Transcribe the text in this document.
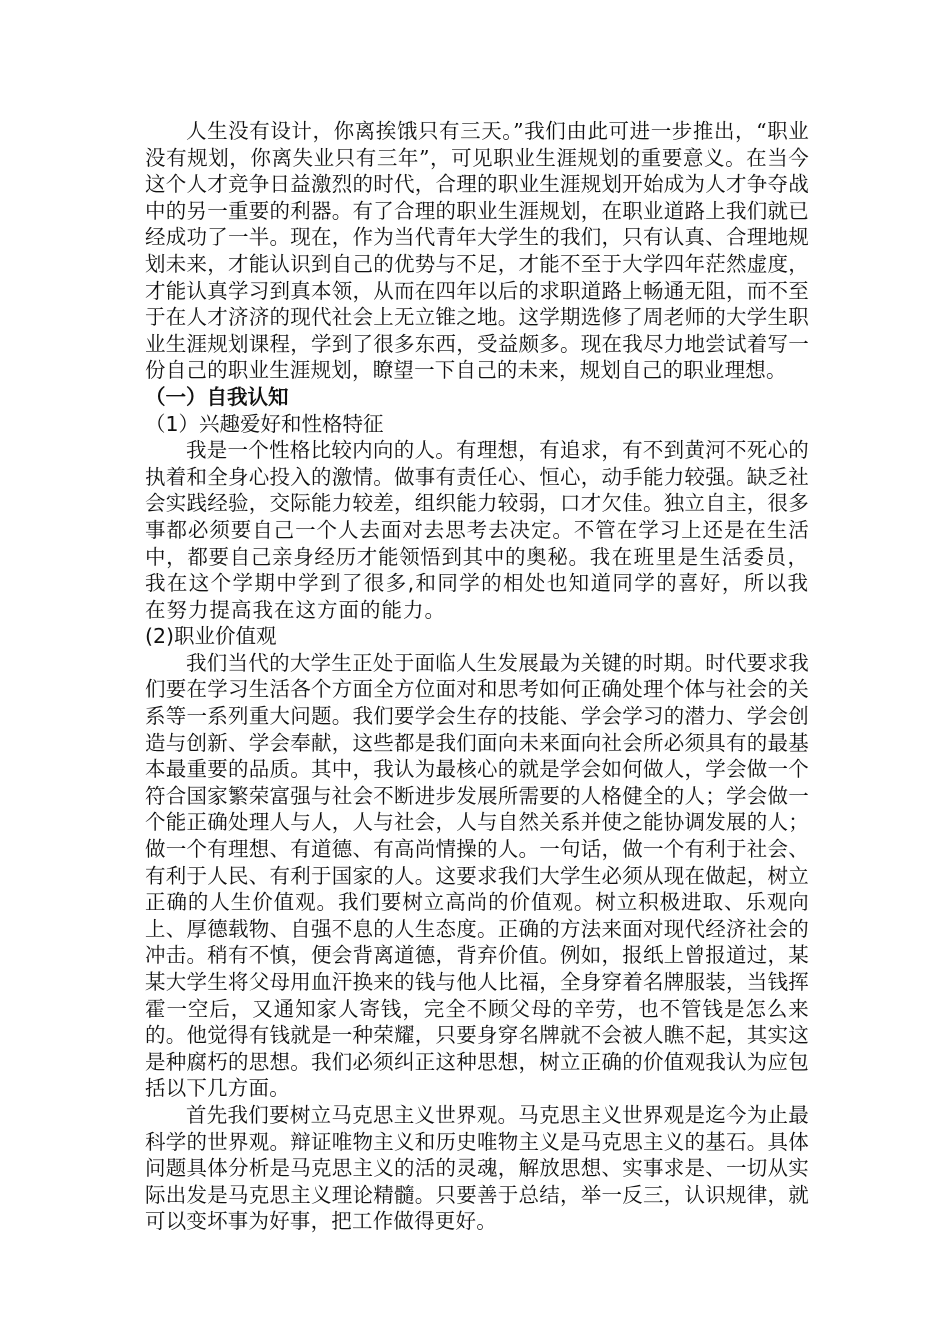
人生没有设计，你离挨饿只有三天。”我们由此可进一步推出，“职业没有规划，你离失业只有三年”，可见职业生涯规划的重要意义。在当今这个人才竞争日益激烈的时代，合理的职业生涯规划开始成为人才争夺战中的另一重要的利器。有了合理的职业生涯规划，在职业道路上我们就已经成功了一半。现在，作为当代青年大学生的我们，只有认真、合理地规划未来，才能认识到自己的优势与不足，才能不至于大学四年茫然虚度，才能认真学习到真本领，从而在四年以后的求职道路上畅通无阻，而不至于在人才济济的现代社会上无立锥之地。这学期选修了周老师的大学生职业生涯规划课程，学到了很多东西，受益颇多。现在我尽力地尝试着写一份自己的职业生涯规划，瞭望一下自己的未来，规划自己的职业理想。

（一）自我认知

（1）兴趣爱好和性格特征

我是一个性格比较内向的人。有理想，有追求，有不到黄河不死心的执着和全身心投入的激情。做事有责任心、恒心，动手能力较强。缺乏社会实践经验，交际能力较差，组织能力较弱，口才欠佳。独立自主，很多事都必须要自己一个人去面对去思考去决定。不管在学习上还是在生活中，都要自己亲身经历才能领悟到其中的奥秘。我在班里是生活委员，我在这个学期中学到了很多,和同学的相处也知道同学的喜好，所以我在努力提高我在这方面的能力。

(2)职业价值观

我们当代的大学生正处于面临人生发展最为关键的时期。时代要求我们要在学习生活各个方面全方位面对和思考如何正确处理个体与社会的关系等一系列重大问题。我们要学会生存的技能、学会学习的潜力、学会创造与创新、学会奉献，这些都是我们面向未来面向社会所必须具有的最基本最重要的品质。其中，我认为最核心的就是学会如何做人，学会做一个符合国家繁荣富强与社会不断进步发展所需要的人格健全的人；学会做一个能正确处理人与人，人与社会，人与自然关系并使之能协调发展的人；做一个有理想、有道德、有高尚情操的人。一句话，做一个有利于社会、有利于人民、有利于国家的人。这要求我们大学生必须从现在做起，树立正确的人生价值观。我们要树立高尚的价值观。树立积极进取、乐观向上、厚德载物、自强不息的人生态度。正确的方法来面对现代经济社会的冲击。稍有不慎，便会背离道德，背弃价值。例如，报纸上曾报道过，某某大学生将父母用血汗换来的钱与他人比福，全身穿着名牌服装，当钱挥霍一空后，又通知家人寄钱，完全不顾父母的辛劳，也不管钱是怎么来的。他觉得有钱就是一种荣耀，只要身穿名牌就不会被人瞧不起，其实这是种腐朽的思想。我们必须纠正这种思想，树立正确的价值观我认为应包括以下几方面。

首先我们要树立马克思主义世界观。马克思主义世界观是迄今为止最科学的世界观。辩证唯物主义和历史唯物主义是马克思主义的基石。具体问题具体分析是马克思主义的活的灵魂，解放思想、实事求是、一切从实际出发是马克思主义理论精髓。只要善于总结，举一反三，认识规律，就可以变坏事为好事，把工作做得更好。
